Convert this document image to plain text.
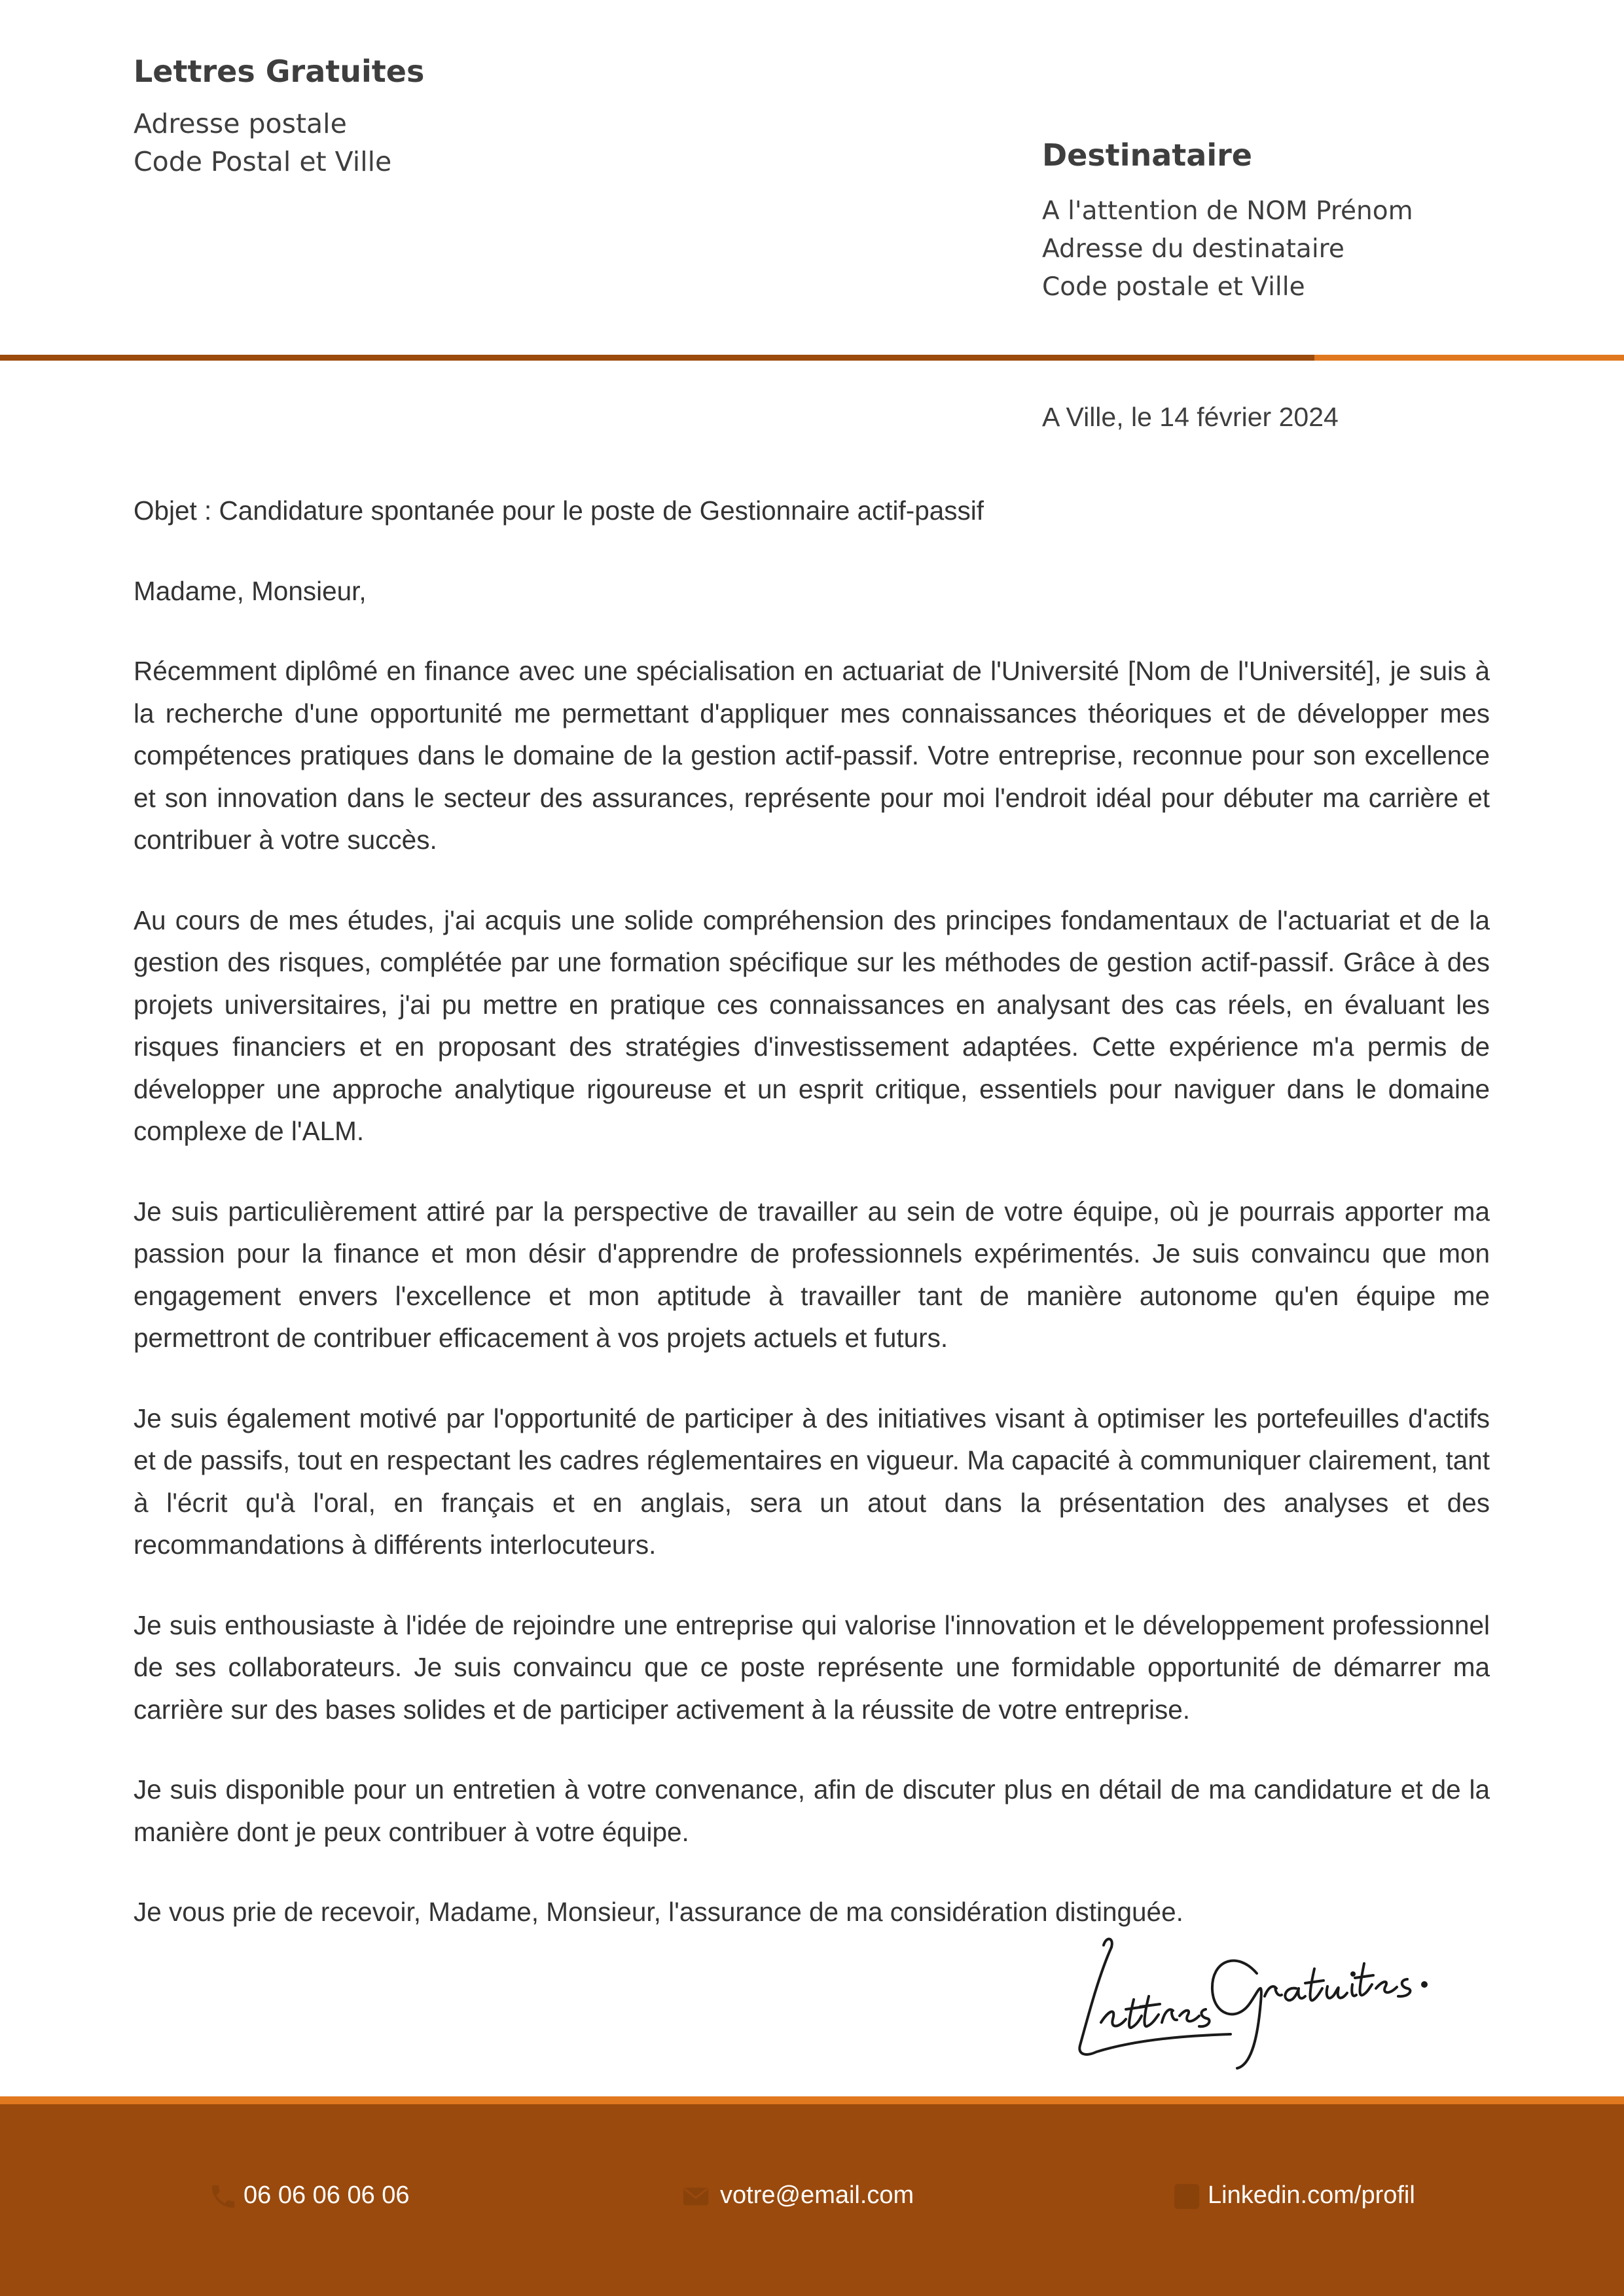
Lettres Gratuites
Adresse postale
Code Postal et Ville	Destinataire
A l'attention de NOM Prénom
Adresse du destinataire
Code postale et Ville
A Ville, le 14 février 2024

Objet : Candidature spontanée pour le poste de Gestionnaire actif-passif

Madame, Monsieur,

Récemment diplômé en finance avec une spécialisation en actuariat de l'Université [Nom de l'Université], je suis à la recherche d'une opportunité me permettant d'appliquer mes connaissances théoriques et de développer mes compétences pratiques dans le domaine de la gestion actif-passif. Votre entreprise, reconnue pour son excellence et son innovation dans le secteur des assurances, représente pour moi l'endroit idéal pour débuter ma carrière et contribuer à votre succès.

Au cours de mes études, j'ai acquis une solide compréhension des principes fondamentaux de l'actuariat et de la gestion des risques, complétée par une formation spécifique sur les méthodes de gestion actif-passif. Grâce à des projets universitaires, j'ai pu mettre en pratique ces connaissances en analysant des cas réels, en évaluant les risques financiers et en proposant des stratégies d'investissement adaptées. Cette expérience m'a permis de développer une approche analytique rigoureuse et un esprit critique, essentiels pour naviguer dans le domaine complexe de l'ALM.

Je suis particulièrement attiré par la perspective de travailler au sein de votre équipe, où je pourrais apporter ma passion pour la finance et mon désir d'apprendre de professionnels expérimentés. Je suis convaincu que mon engagement envers l'excellence et mon aptitude à travailler tant de manière autonome qu'en équipe me permettront de contribuer efficacement à vos projets actuels et futurs.

Je suis également motivé par l'opportunité de participer à des initiatives visant à optimiser les portefeuilles d'actifs et de passifs, tout en respectant les cadres réglementaires en vigueur. Ma capacité à communiquer clairement, tant à l'écrit qu'à l'oral, en français et en anglais, sera un atout dans la présentation des analyses et des recommandations à différents interlocuteurs.

Je suis enthousiaste à l'idée de rejoindre une entreprise qui valorise l'innovation et le développement professionnel de ses collaborateurs. Je suis convaincu que ce poste représente une formidable opportunité de démarrer ma carrière sur des bases solides et de participer activement à la réussite de votre entreprise.

Je suis disponible pour un entretien à votre convenance, afin de discuter plus en détail de ma candidature et de la manière dont je peux contribuer à votre équipe.

Je vous prie de recevoir, Madame, Monsieur, l'assurance de ma considération distinguée.

06 06 06 06 06	votre@email.com	Linkedin.com/profil
